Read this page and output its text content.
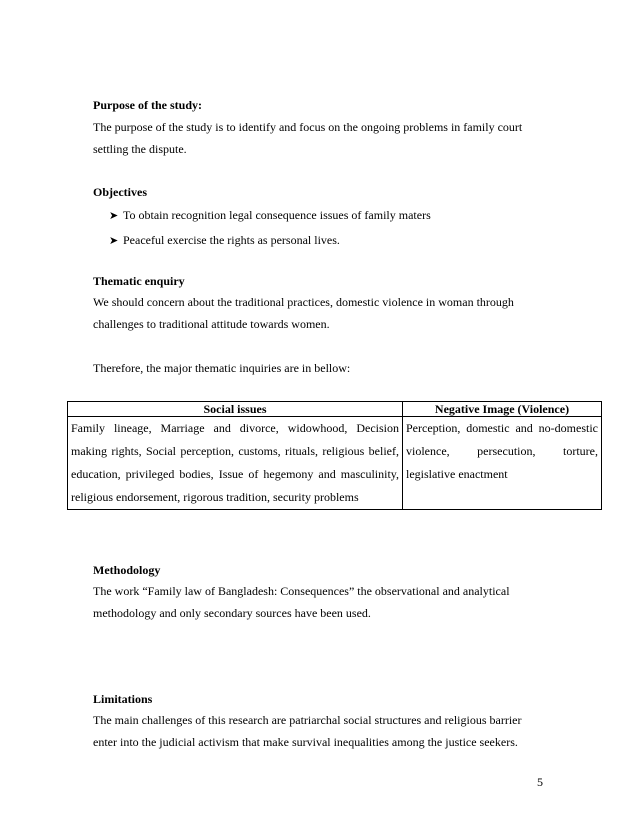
Purpose of the study:
The purpose of the study is to identify and focus on the ongoing problems in family court
settling the dispute.
Objectives
➤ To obtain recognition legal consequence issues of family maters
➤ Peaceful exercise the rights as personal lives.
Thematic enquiry
We should concern about the traditional practices, domestic violence in woman through
challenges to traditional attitude towards women.
Therefore, the major thematic inquiries are in bellow:
Social issues	Negative Image (Violence)
Family lineage, Marriage and divorce, widowhood, Decision making rights, Social perception, customs, rituals, religious belief, education, privileged bodies, Issue of hegemony and masculinity, religious endorsement, rigorous tradition, security problems	Perception, domestic and no-domestic violence, persecution, torture, legislative enactment
Methodology
The work “Family law of Bangladesh: Consequences” the observational and analytical
methodology and only secondary sources have been used.
Limitations
The main challenges of this research are patriarchal social structures and religious barrier
enter into the judicial activism that make survival inequalities among the justice seekers.
5
